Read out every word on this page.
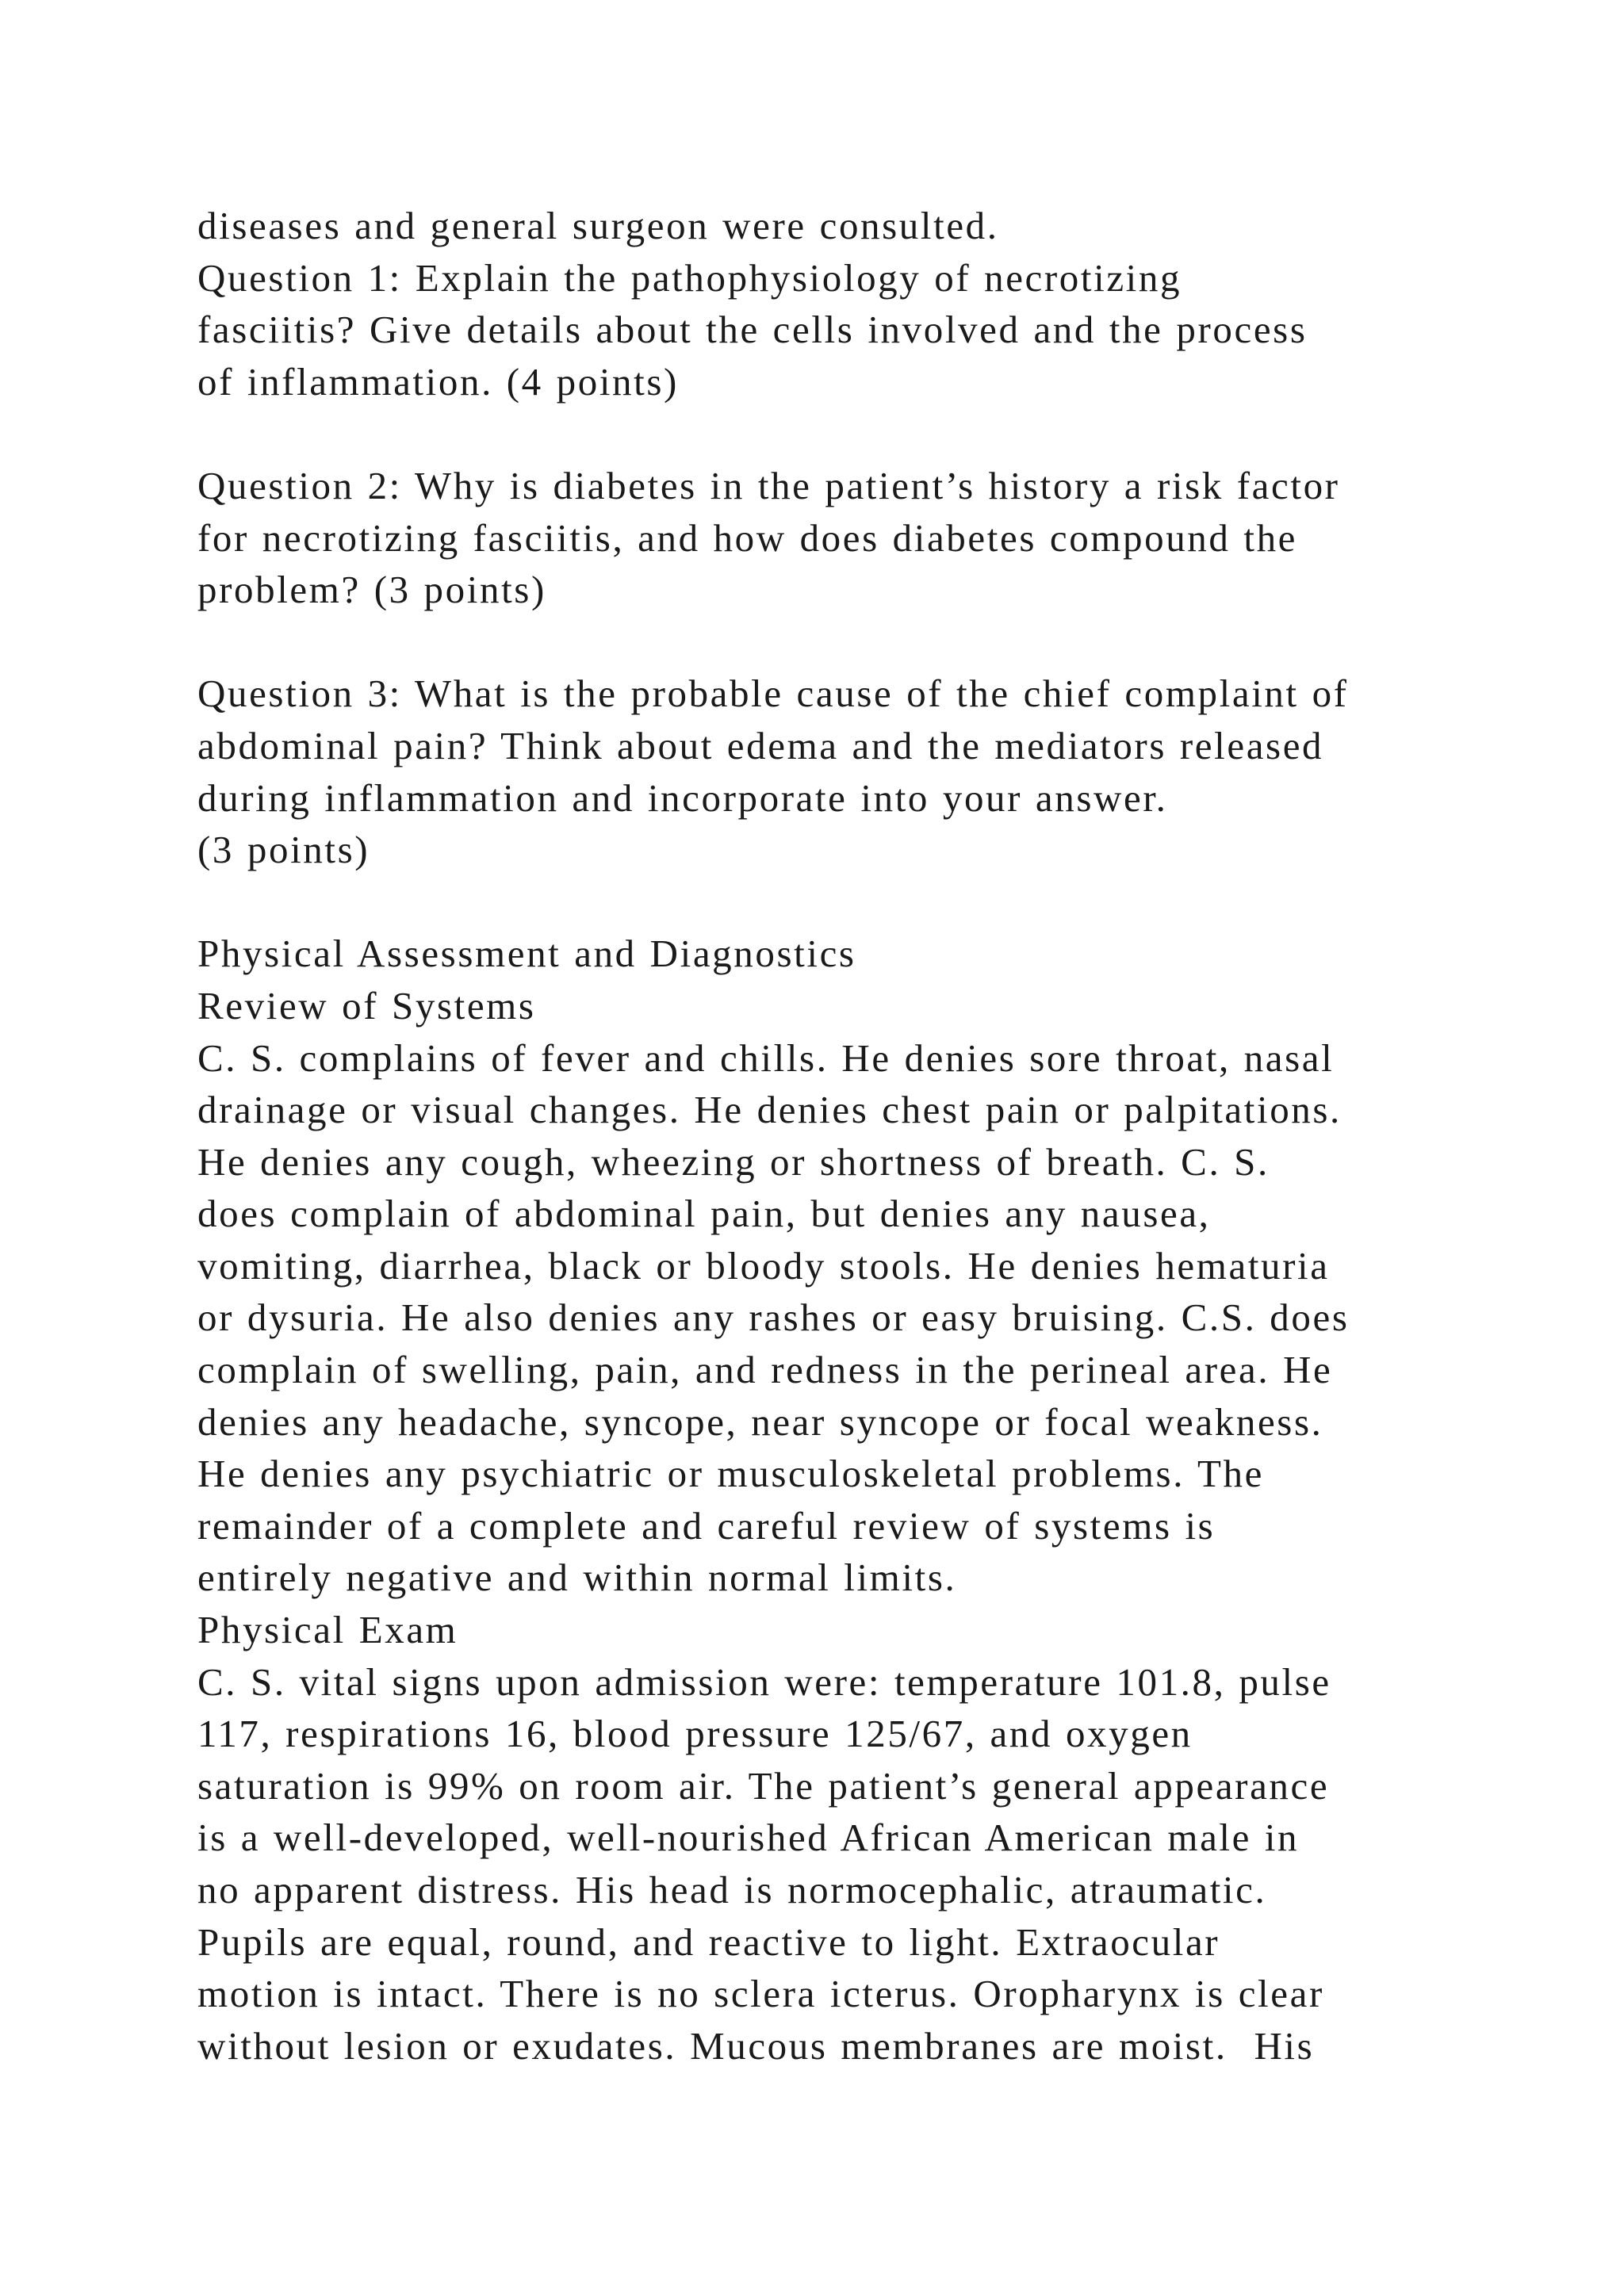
diseases and general surgeon were consulted.
Question 1: Explain the pathophysiology of necrotizing
fasciitis? Give details about the cells involved and the process
of inflammation. (4 points)
Question 2: Why is diabetes in the patient’s history a risk factor
for necrotizing fasciitis, and how does diabetes compound the
problem? (3 points)
Question 3: What is the probable cause of the chief complaint of
abdominal pain? Think about edema and the mediators released
during inflammation and incorporate into your answer.
(3 points)
Physical Assessment and Diagnostics
Review of Systems
C. S. complains of fever and chills. He denies sore throat, nasal
drainage or visual changes. He denies chest pain or palpitations.
He denies any cough, wheezing or shortness of breath. C. S.
does complain of abdominal pain, but denies any nausea,
vomiting, diarrhea, black or bloody stools. He denies hematuria
or dysuria. He also denies any rashes or easy bruising. C.S. does
complain of swelling, pain, and redness in the perineal area. He
denies any headache, syncope, near syncope or focal weakness.
He denies any psychiatric or musculoskeletal problems. The
remainder of a complete and careful review of systems is
entirely negative and within normal limits.
Physical Exam
C. S. vital signs upon admission were: temperature 101.8, pulse
117, respirations 16, blood pressure 125/67, and oxygen
saturation is 99% on room air. The patient’s general appearance
is a well-developed, well-nourished African American male in
no apparent distress. His head is normocephalic, atraumatic.
Pupils are equal, round, and reactive to light. Extraocular
motion is intact. There is no sclera icterus. Oropharynx is clear
without lesion or exudates. Mucous membranes are moist.  His
